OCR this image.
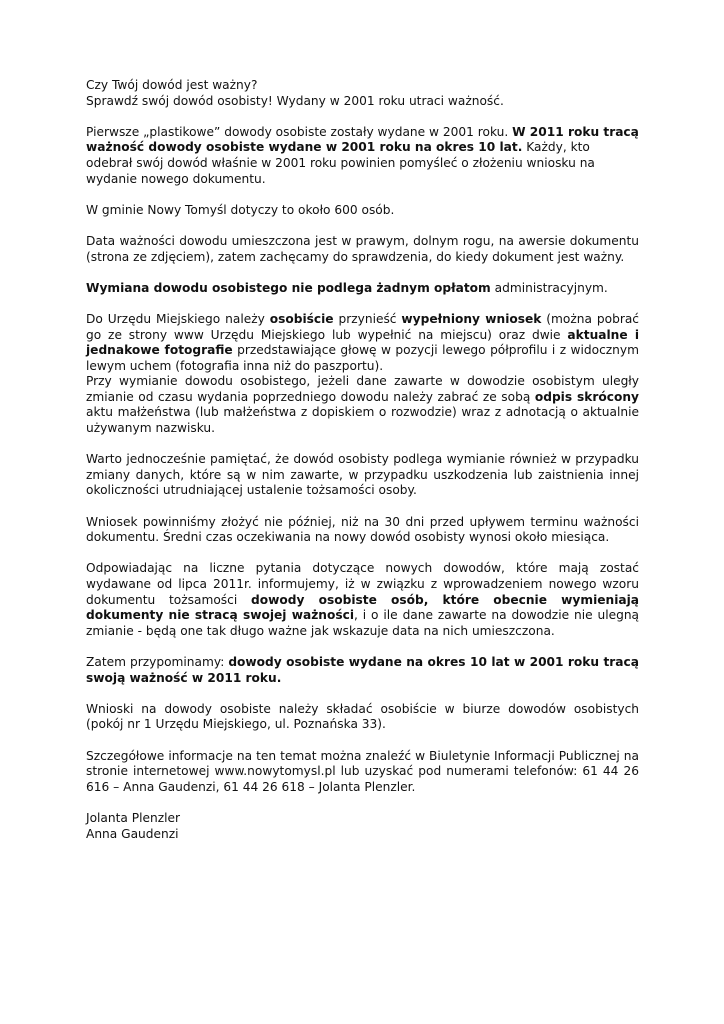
Czy Twój dowód jest ważny?
Sprawdź swój dowód osobisty! Wydany w 2001 roku utraci ważność.

Pierwsze „plastikowe” dowody osobiste zostały wydane w 2001 roku. W 2011 roku tracą ważność dowody osobiste wydane w 2001 roku na okres 10 lat. Każdy, kto odebrał swój dowód właśnie w 2001 roku powinien pomyśleć o złożeniu wniosku na wydanie nowego dokumentu.

W gminie Nowy Tomyśl dotyczy to około 600 osób.

Data ważności dowodu umieszczona jest w prawym, dolnym rogu, na awersie dokumentu (strona ze zdjęciem), zatem zachęcamy do sprawdzenia, do kiedy dokument jest ważny.

Wymiana dowodu osobistego nie podlega żadnym opłatom administracyjnym.

Do Urzędu Miejskiego należy osobiście przynieść wypełniony wniosek (można pobrać go ze strony www Urzędu Miejskiego lub wypełnić na miejscu) oraz dwie aktualne i jednakowe fotografie przedstawiające głowę w pozycji lewego półprofilu i z widocznym lewym uchem (fotografia inna niż do paszportu).

Przy wymianie dowodu osobistego, jeżeli dane zawarte w dowodzie osobistym uległy zmianie od czasu wydania poprzedniego dowodu należy zabrać ze sobą odpis skrócony aktu małżeństwa (lub małżeństwa z dopiskiem o rozwodzie) wraz z adnotacją o aktualnie używanym nazwisku.

Warto jednocześnie pamiętać, że dowód osobisty podlega wymianie również w przypadku zmiany danych, które są w nim zawarte, w przypadku uszkodzenia lub zaistnienia innej okoliczności utrudniającej ustalenie tożsamości osoby.

Wniosek powinniśmy złożyć nie później, niż na 30 dni przed upływem terminu ważności dokumentu. Średni czas oczekiwania na nowy dowód osobisty wynosi około miesiąca.

Odpowiadając na liczne pytania dotyczące nowych dowodów, które mają zostać wydawane od lipca 2011r. informujemy, iż w związku z wprowadzeniem nowego wzoru dokumentu tożsamości dowody osobiste osób, które obecnie wymieniają dokumenty nie stracą swojej ważności, i o ile dane zawarte na dowodzie nie ulegną zmianie - będą one tak długo ważne jak wskazuje data na nich umieszczona.

Zatem przypominamy: dowody osobiste wydane na okres 10 lat w 2001 roku tracą swoją ważność w 2011 roku.

Wnioski na dowody osobiste należy składać osobiście w biurze dowodów osobistych (pokój nr 1 Urzędu Miejskiego, ul. Poznańska 33).

Szczegółowe informacje na ten temat można znaleźć w Biuletynie Informacji Publicznej na stronie internetowej www.nowytomysl.pl lub uzyskać pod numerami telefonów: 61 44 26 616 – Anna Gaudenzi, 61 44 26 618 – Jolanta Plenzler.

Jolanta Plenzler
Anna Gaudenzi
